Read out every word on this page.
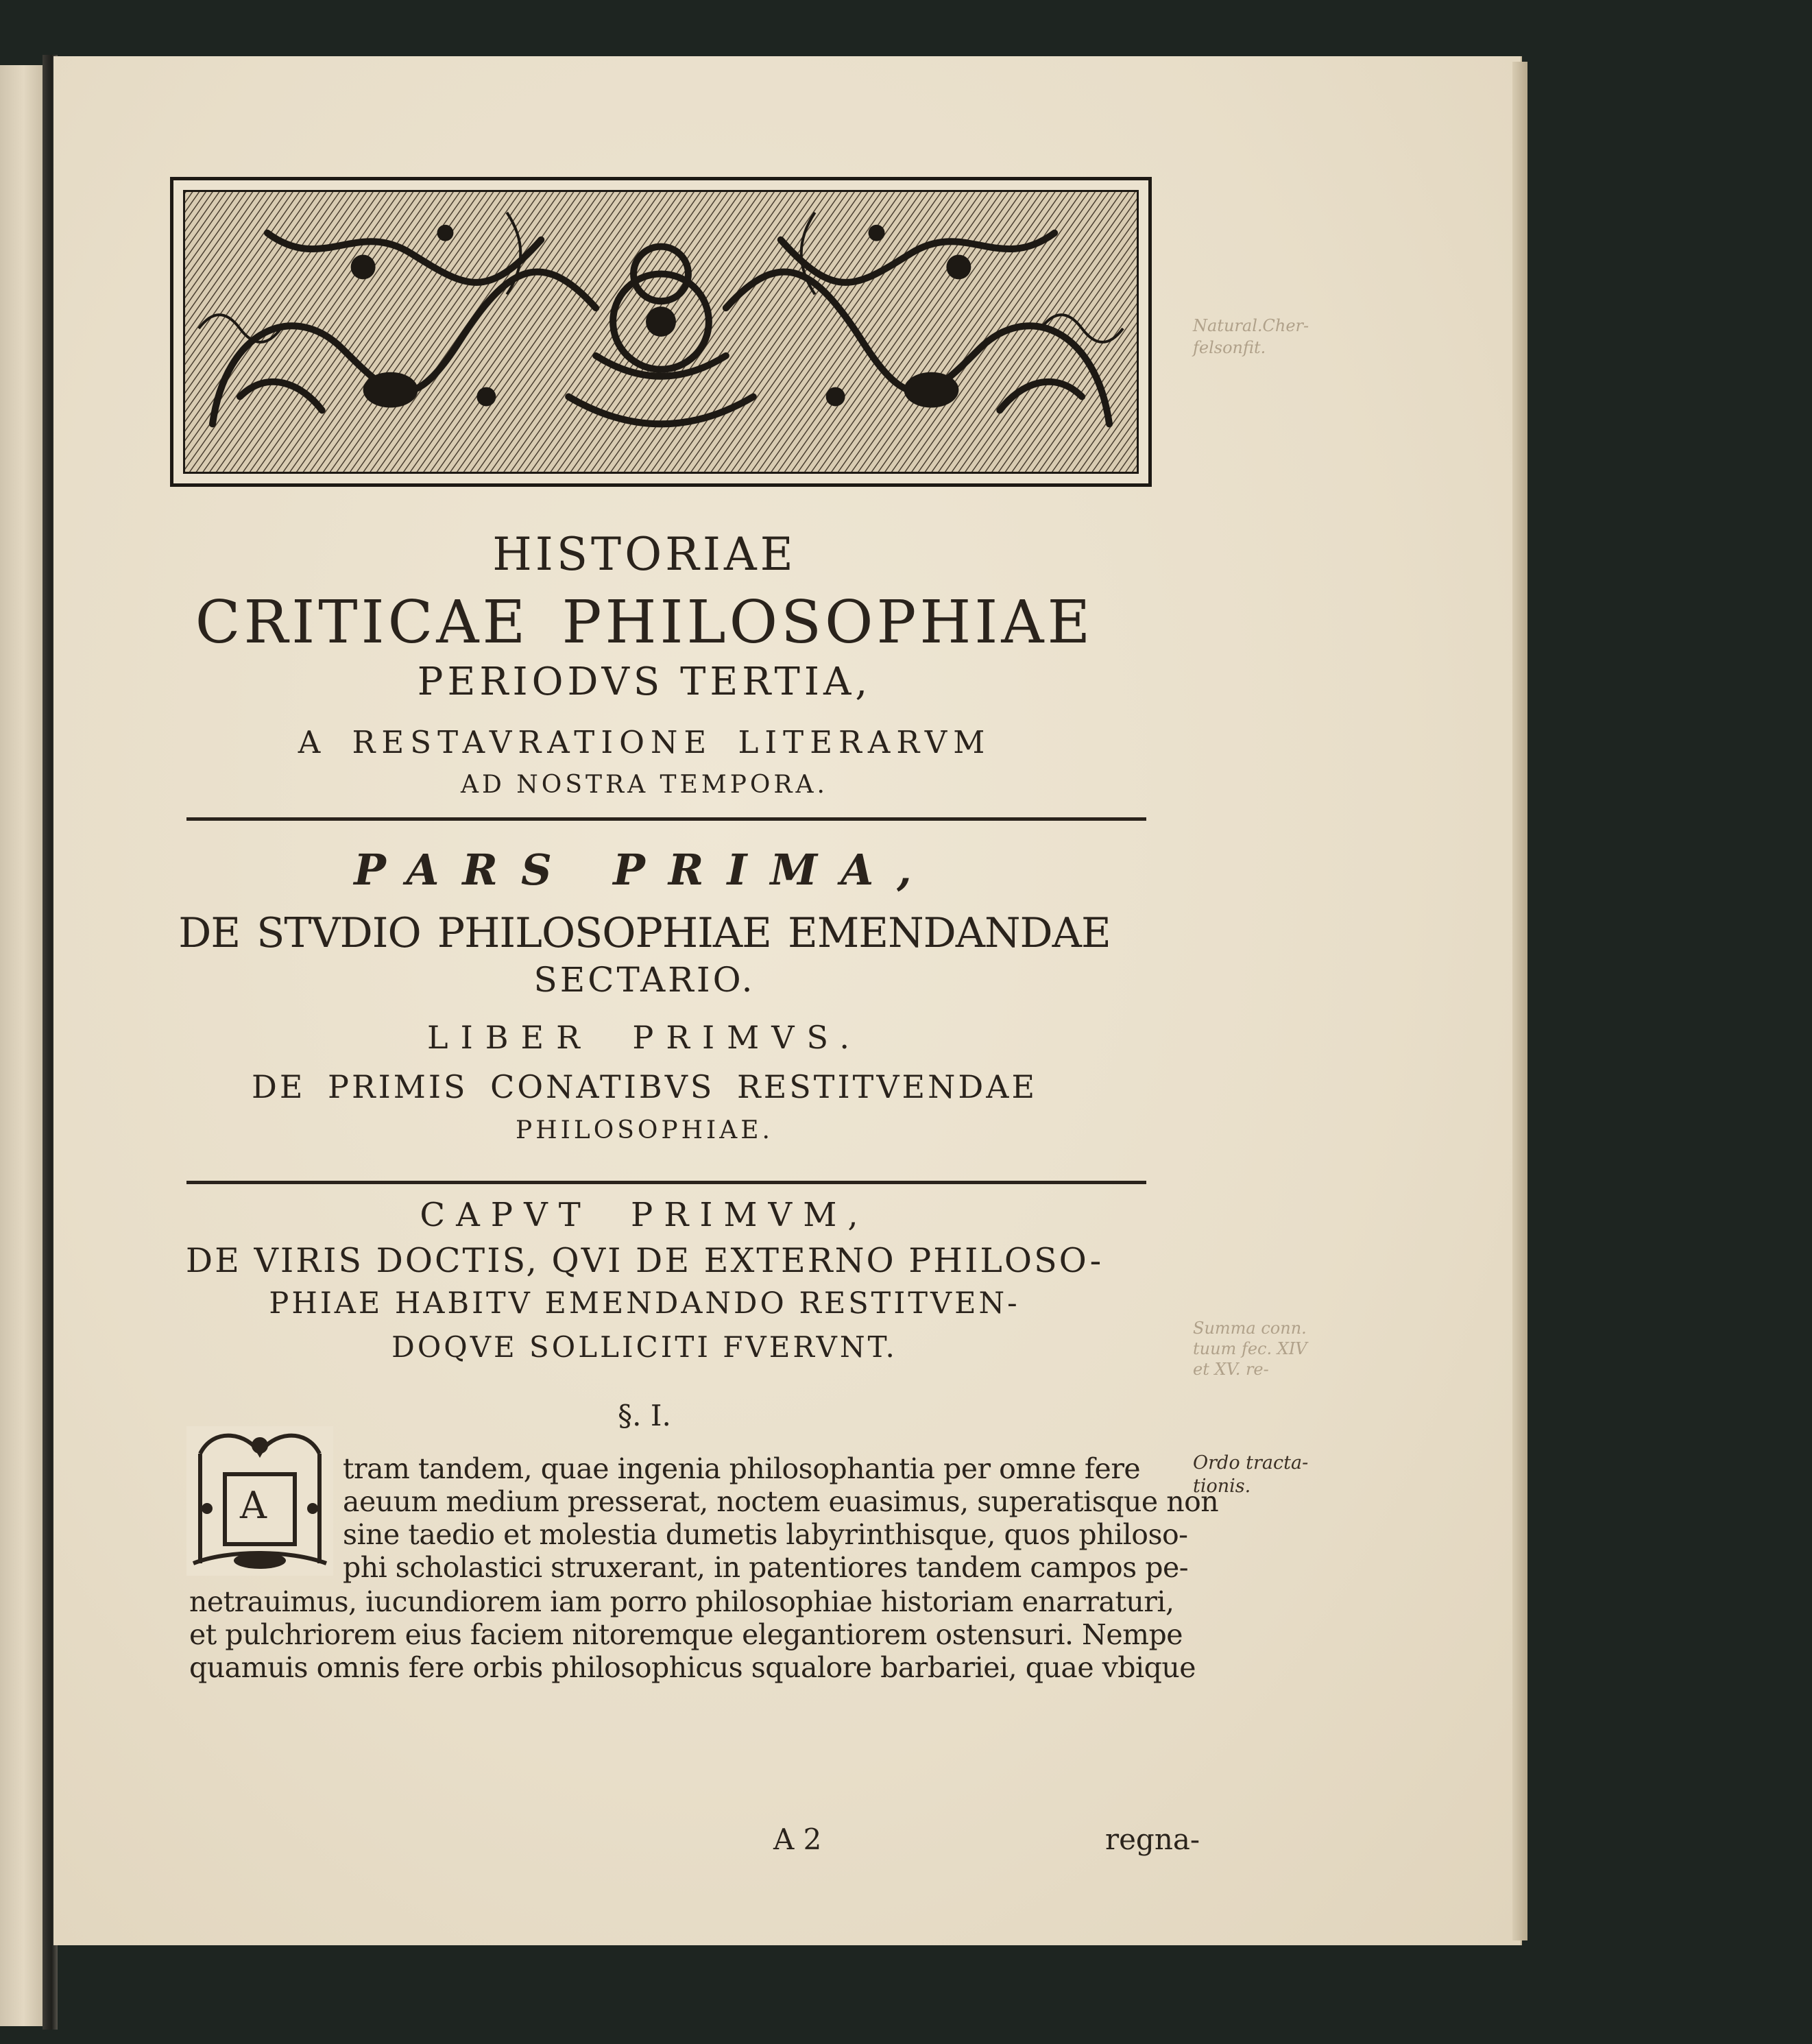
HISTORIAE
CRITICAE PHILOSOPHIAE
PERIODVS TERTIA,
A RESTAVRATIONE LITERARVM
AD NOSTRA TEMPORA.
PARS PRIMA,
DE STVDIO PHILOSOPHIAE EMENDANDAE
SECTARIO.
LIBER PRIMVS.
DE PRIMIS CONATIBVS RESTITVENDAE
PHILOSOPHIAE.
CAPVT PRIMVM,
DE VIRIS DOCTIS, QVI DE EXTERNO PHILOSO-
PHIAE HABITV EMENDANDO RESTITVEN-
DOQVE SOLLICITI FVERVNT.
§. I.
A
tram tandem, quae ingenia philosophantia per omne fere
aeuum medium presserat, noctem euasimus, superatisque non
sine taedio et molestia dumetis labyrinthisque, quos philoso-
phi scholastici struxerant, in patentiores tandem campos pe-
netrauimus, iucundiorem iam porro philosophiae historiam enarraturi,
et pulchriorem eius faciem nitoremque elegantiorem ostensuri. Nempe
quamuis omnis fere orbis philosophicus squalore barbariei, quae vbique
Ordo tracta-
tionis.
Natural.Cher-
felsonfit.
Summa conn.
tuum fec. XIV
et XV. re-
A 2	regna-
